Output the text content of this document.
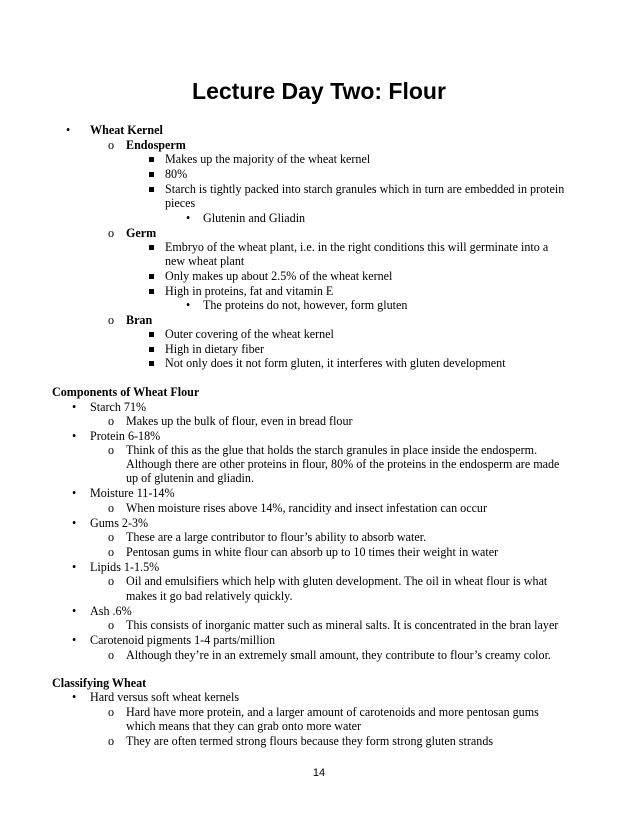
Lecture Day Two: Flour
• Wheat Kernel
o Endosperm
Makes up the majority of the wheat kernel
80%
Starch is tightly packed into starch granules which in turn are embedded in protein
pieces
• Glutenin and Gliadin
o Germ
Embryo of the wheat plant, i.e. in the right conditions this will germinate into a
new wheat plant
Only makes up about 2.5% of the wheat kernel
High in proteins, fat and vitamin E
• The proteins do not, however, form gluten
o Bran
Outer covering of the wheat kernel
High in dietary fiber
Not only does it not form gluten, it interferes with gluten development
Components of Wheat Flour
• Starch 71%
o Makes up the bulk of flour, even in bread flour
• Protein 6-18%
o Think of this as the glue that holds the starch granules in place inside the endosperm.
Although there are other proteins in flour, 80% of the proteins in the endosperm are made
up of glutenin and gliadin.
• Moisture 11-14%
o When moisture rises above 14%, rancidity and insect infestation can occur
• Gums 2-3%
o These are a large contributor to flour’s ability to absorb water.
o Pentosan gums in white flour can absorb up to 10 times their weight in water
• Lipids 1-1.5%
o Oil and emulsifiers which help with gluten development. The oil in wheat flour is what
makes it go bad relatively quickly.
• Ash .6%
o This consists of inorganic matter such as mineral salts. It is concentrated in the bran layer
• Carotenoid pigments 1-4 parts/million
o Although they’re in an extremely small amount, they contribute to flour’s creamy color.
Classifying Wheat
• Hard versus soft wheat kernels
o Hard have more protein, and a larger amount of carotenoids and more pentosan gums
which means that they can grab onto more water
o They are often termed strong flours because they form strong gluten strands
14
